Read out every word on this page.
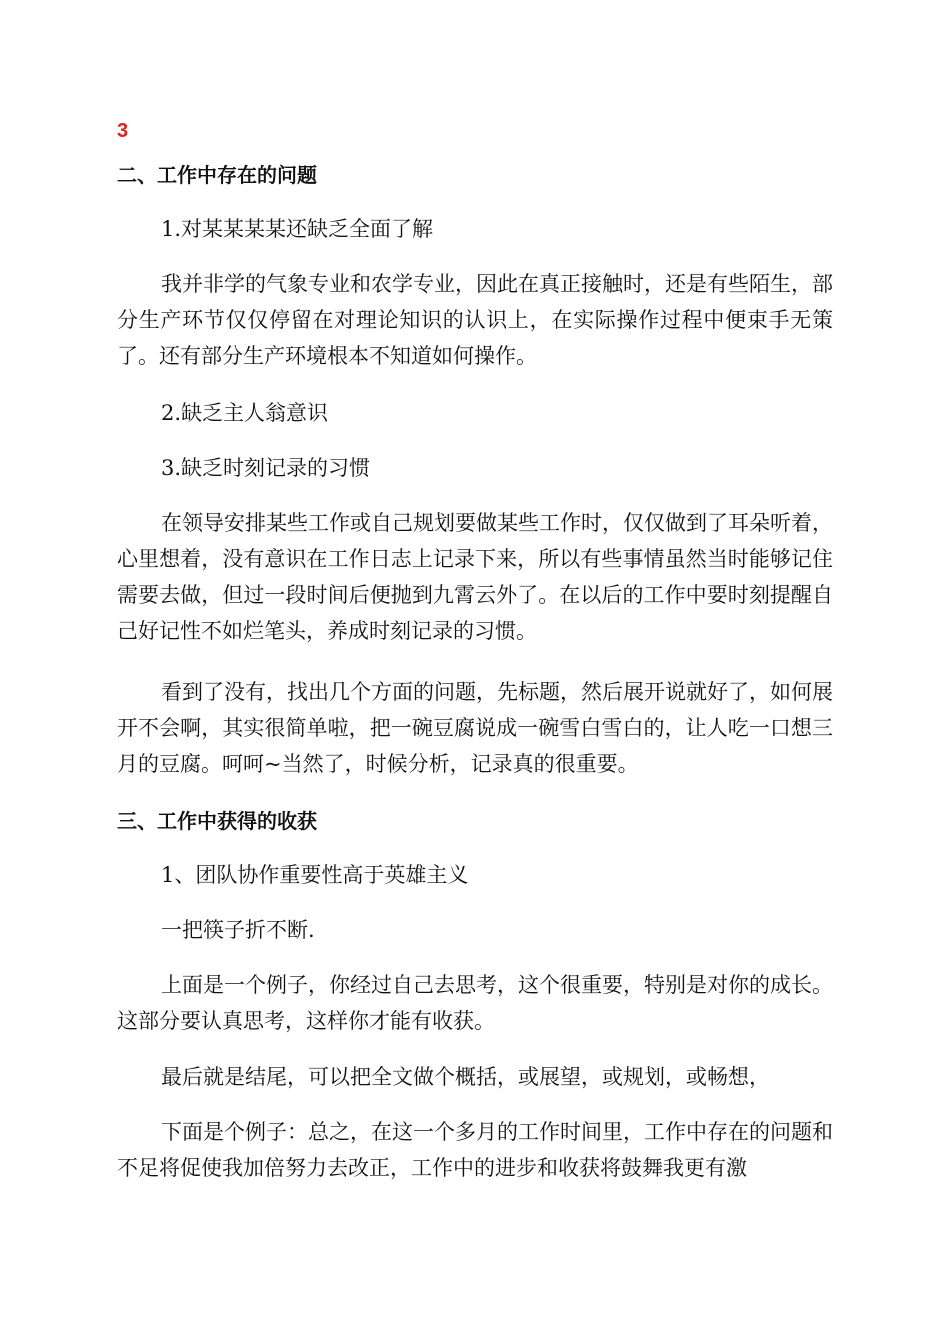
3
二、工作中存在的问题
1.对某某某某还缺乏全面了解
我并非学的气象专业和农学专业，因此在真正接触时，还是有些陌生，部分生产环节仅仅停留在对理论知识的认识上，在实际操作过程中便束手无策了。还有部分生产环境根本不知道如何操作。
2.缺乏主人翁意识
3.缺乏时刻记录的习惯
在领导安排某些工作或自己规划要做某些工作时，仅仅做到了耳朵听着，心里想着，没有意识在工作日志上记录下来，所以有些事情虽然当时能够记住需要去做，但过一段时间后便抛到九霄云外了。在以后的工作中要时刻提醒自己好记性不如烂笔头，养成时刻记录的习惯。
看到了没有，找出几个方面的问题，先标题，然后展开说就好了，如何展开不会啊，其实很简单啦，把一碗豆腐说成一碗雪白雪白的，让人吃一口想三月的豆腐。呵呵~当然了，时候分析，记录真的很重要。
三、工作中获得的收获
1、团队协作重要性高于英雄主义
一把筷子折不断.
上面是一个例子，你经过自己去思考，这个很重要，特别是对你的成长。这部分要认真思考，这样你才能有收获。
最后就是结尾，可以把全文做个概括，或展望，或规划，或畅想，
下面是个例子：总之，在这一个多月的工作时间里，工作中存在的问题和不足将促使我加倍努力去改正，工作中的进步和收获将鼓舞我更有激
